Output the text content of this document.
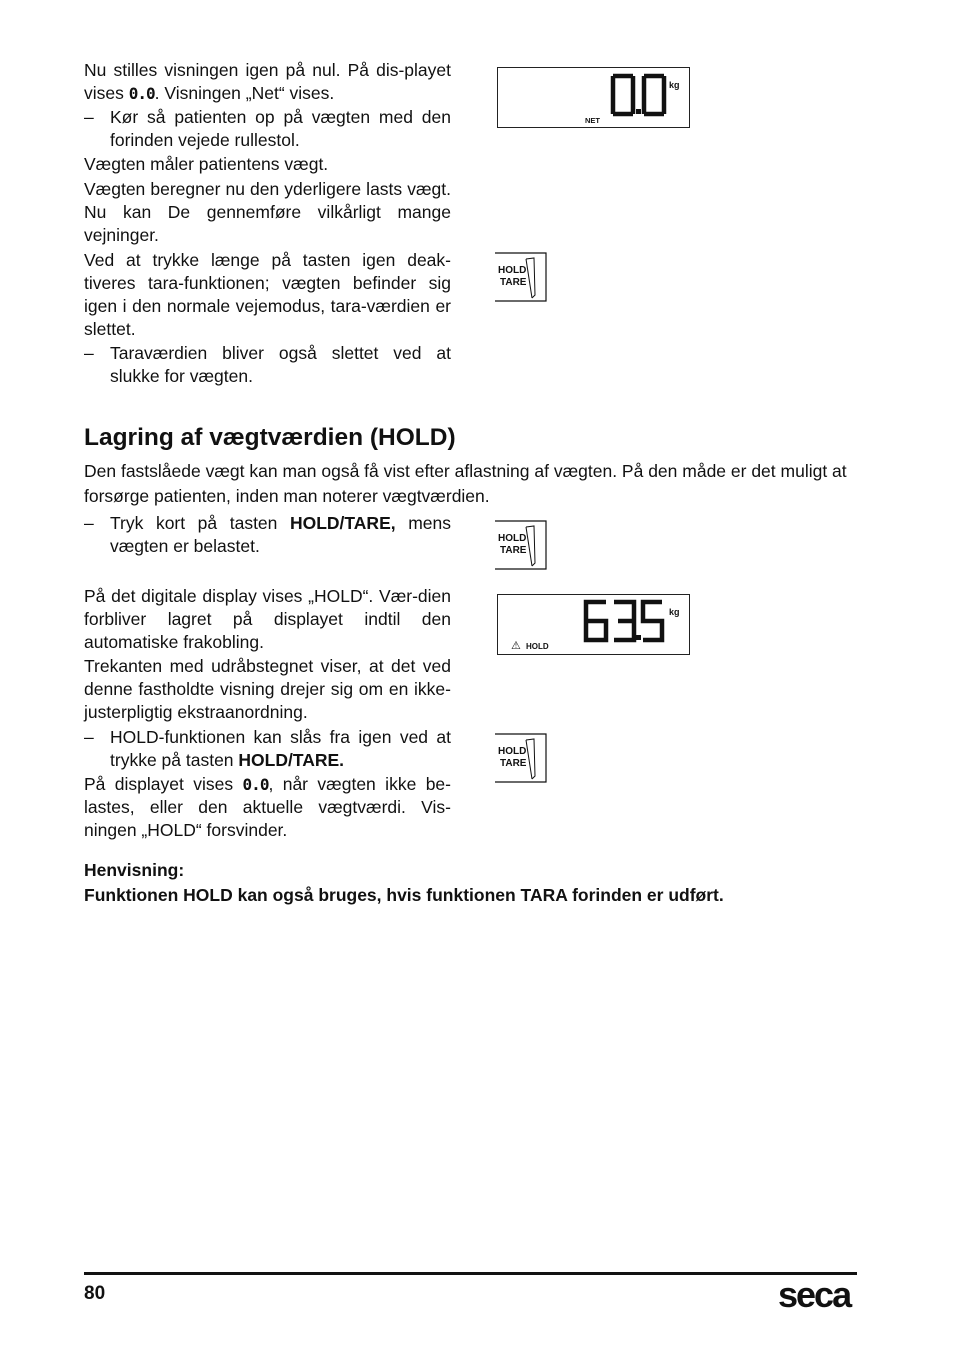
Nu stilles visningen igen på nul. På dis-playet vises 0.0. Visningen „Net“ vises.

– Kør så patienten op på vægten med den forinden vejede rullestol.

Vægten måler patientens vægt.

Vægten beregner nu den yderligere lasts vægt. Nu kan De gennemføre vilkårligt mange vejninger.

Ved at trykke længe på tasten igen deak-tiveres tara-funktionen; vægten befinder sig igen i den normale vejemodus, tara-værdien er slettet.

– Taraværdien bliver også slettet ved at slukke for vægten.
kg
NET
HOLD
TARE
Lagring af vægtværdien (HOLD)

Den fastslåede vægt kan man også få vist efter aflastning af vægten. På den måde er det muligt at forsørge patienten, inden man noterer vægtværdien.

– Tryk kort på tasten HOLD/TARE, mens vægten er belastet.	HOLD
TARE

På det digitale display vises „HOLD“. Vær-dien forbliver lagret på displayet indtil den automatiske frakobling.

Trekanten med udråbstegnet viser, at det ved denne fastholdte visning drejer sig om en ikke-justerpligtig ekstraanordning.

– HOLD-funktionen kan slås fra igen ved at trykke på tasten HOLD/TARE.

På displayet vises 0.0, når vægten ikke be-lastes, eller den aktuelle vægtværdi. Vis-ningen „HOLD“ forsvinder.

kg
⚠ HOLD
HOLD
TARE

Henvisning:

Funktionen HOLD kan også bruges, hvis funktionen TARA forinden er udført.

80	seca
